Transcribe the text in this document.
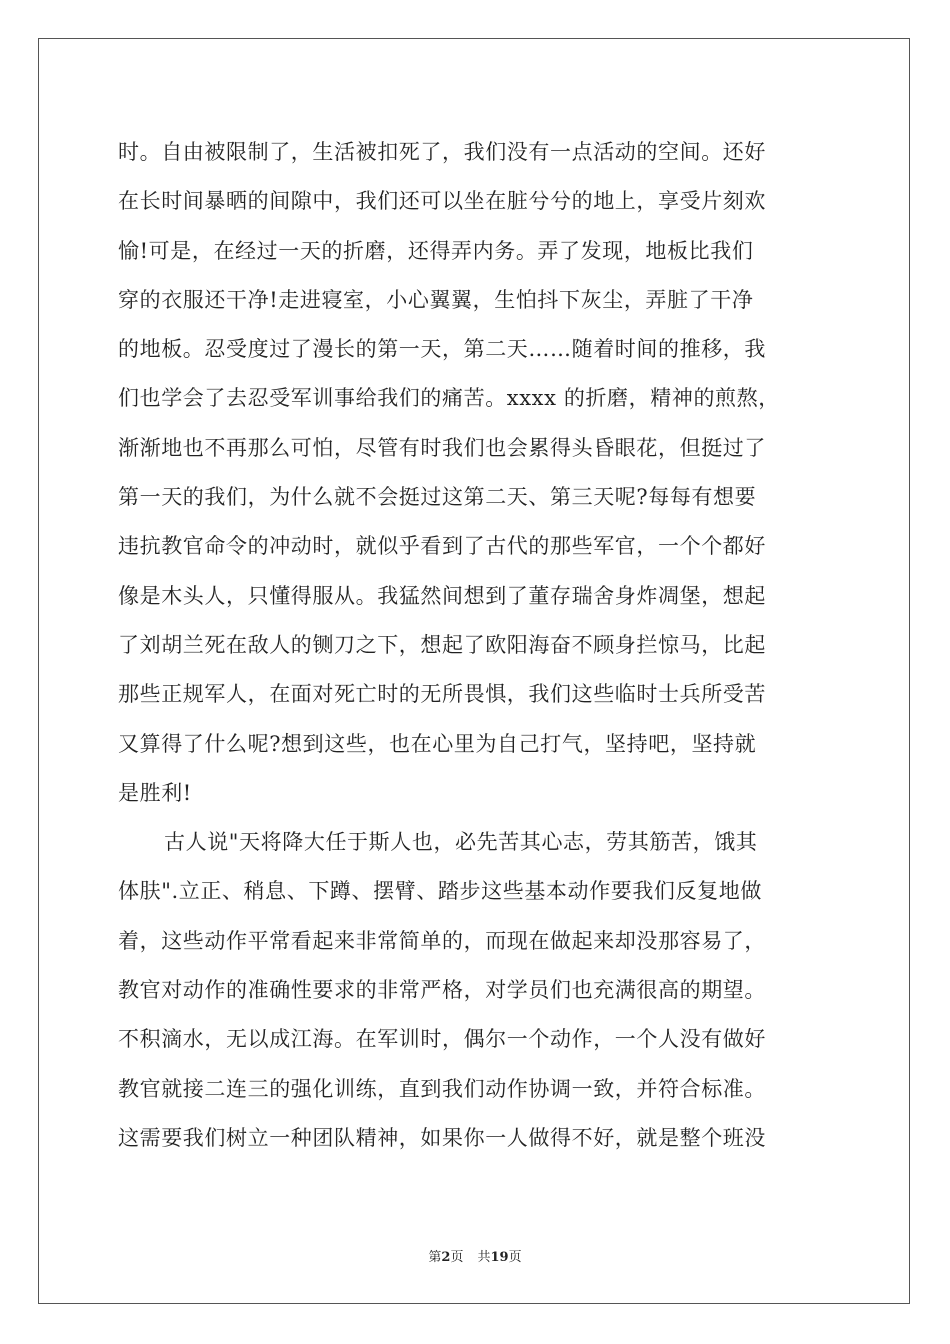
时。自由被限制了，生活被扣死了，我们没有一点活动的空间。还好
在长时间暴晒的间隙中，我们还可以坐在脏兮兮的地上，享受片刻欢
愉!可是，在经过一天的折磨，还得弄内务。弄了发现，地板比我们
穿的衣服还干净!走进寝室，小心翼翼，生怕抖下灰尘，弄脏了干净
的地板。忍受度过了漫长的第一天，第二天……随着时间的推移，我
们也学会了去忍受军训事给我们的痛苦。xxxx 的折磨，精神的煎熬，
渐渐地也不再那么可怕，尽管有时我们也会累得头昏眼花，但挺过了
第一天的我们，为什么就不会挺过这第二天、第三天呢?每每有想要
违抗教官命令的冲动时，就似乎看到了古代的那些军官，一个个都好
像是木头人，只懂得服从。我猛然间想到了董存瑞舍身炸凋堡，想起
了刘胡兰死在敌人的铡刀之下，想起了欧阳海奋不顾身拦惊马，比起
那些正规军人，在面对死亡时的无所畏惧，我们这些临时士兵所受苦
又算得了什么呢?想到这些，也在心里为自己打气，坚持吧，坚持就
是胜利!
古人说"天将降大任于斯人也，必先苦其心志，劳其筋苦，饿其
体肤".立正、稍息、下蹲、摆臂、踏步这些基本动作要我们反复地做
着，这些动作平常看起来非常简单的，而现在做起来却没那容易了，
教官对动作的准确性要求的非常严格，对学员们也充满很高的期望。
不积滴水，无以成江海。在军训时，偶尔一个动作，一个人没有做好
教官就接二连三的强化训练，直到我们动作协调一致，并符合标准。
这需要我们树立一种团队精神，如果你一人做得不好，就是整个班没
第2页 共19页
